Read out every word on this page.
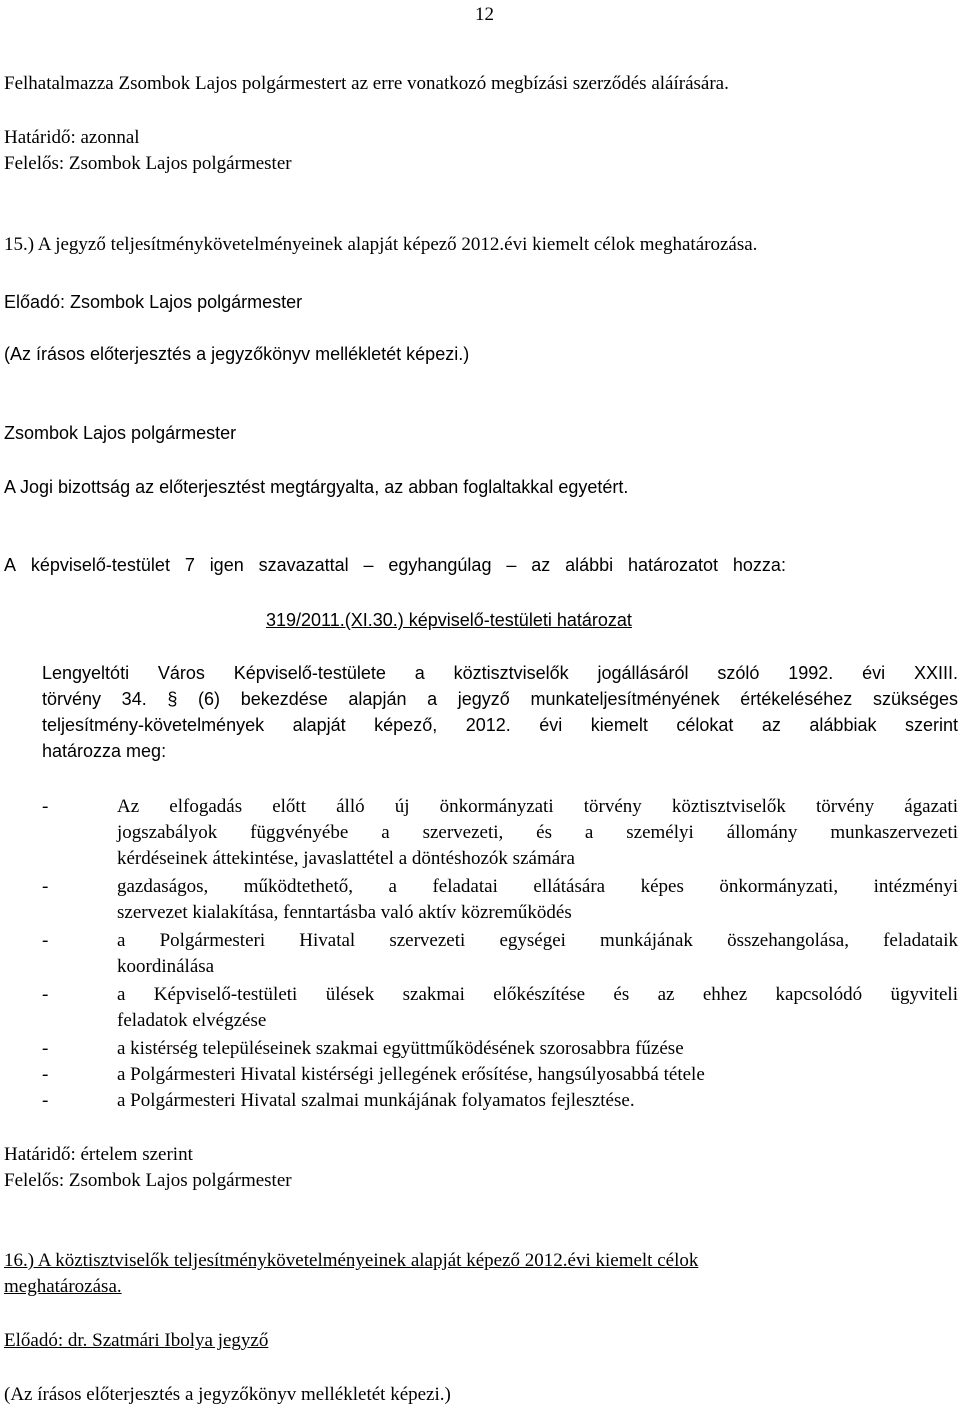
12
Felhatalmazza Zsombok Lajos polgármestert az erre vonatkozó megbízási szerződés aláírására.
Határidő: azonnal
Felelős: Zsombok Lajos polgármester
15.) A jegyző teljesítménykövetelményeinek alapját képező 2012.évi kiemelt célok meghatározása.
Előadó: Zsombok Lajos polgármester
(Az írásos előterjesztés a jegyzőkönyv mellékletét képezi.)
Zsombok Lajos polgármester
A Jogi bizottság az előterjesztést megtárgyalta, az abban foglaltakkal egyetért.
A képviselő-testület 7 igen szavazattal – egyhangúlag – az alábbi határozatot hozza:
319/2011.(XI.30.) képviselő-testületi határozat
Lengyeltóti Város Képviselő-testülete a köztisztviselők jogállásáról szóló 1992. évi XXIII.
törvény 34. § (6) bekezdése alapján a jegyző munkateljesítményének értékeléséhez szükséges
teljesítmény-követelmények alapját képező, 2012. évi kiemelt célokat az alábbiak szerint
határozza meg:
-	Az elfogadás előtt álló új önkormányzati törvény köztisztviselők törvény ágazati
jogszabályok függvényébe a szervezeti, és a személyi állomány munkaszervezeti
kérdéseinek áttekintése, javaslattétel a döntéshozók számára
-	gazdaságos, működtethető, a feladatai ellátására képes önkormányzati, intézményi
szervezet kialakítása, fenntartásba való aktív közreműködés
-	a Polgármesteri Hivatal szervezeti egységei munkájának összehangolása, feladataik
koordinálása
-	a Képviselő-testületi ülések szakmai előkészítése és az ehhez kapcsolódó ügyviteli
feladatok elvégzése
-	a kistérség településeinek szakmai együttműködésének szorosabbra fűzése
-	a Polgármesteri Hivatal kistérségi jellegének erősítése, hangsúlyosabbá tétele
-	a Polgármesteri Hivatal szalmai munkájának folyamatos fejlesztése.
Határidő: értelem szerint
Felelős: Zsombok Lajos polgármester
16.) A köztisztviselők teljesítménykövetelményeinek alapját képező 2012.évi kiemelt célok
meghatározása.
Előadó: dr. Szatmári Ibolya jegyző
(Az írásos előterjesztés a jegyzőkönyv mellékletét képezi.)
